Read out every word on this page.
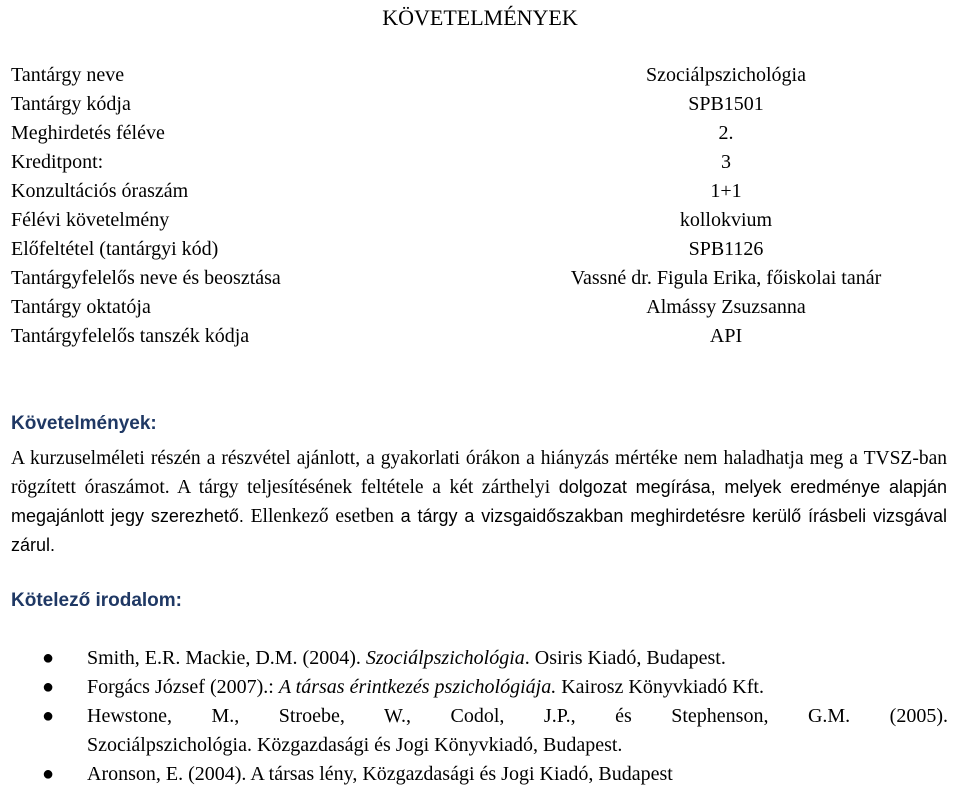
KÖVETELMÉNYEK
Tantárgy neve	Szociálpszichológia
Tantárgy kódja	SPB1501
Meghirdetés féléve	2.
Kreditpont:	3
Konzultációs óraszám	1+1
Félévi követelmény	kollokvium
Előfeltétel (tantárgyi kód)	SPB1126
Tantárgyfelelős neve és beosztása	Vassné dr. Figula Erika, főiskolai tanár
Tantárgy oktatója	Almássy Zsuzsanna
Tantárgyfelelős tanszék kódja	API
Követelmények:
A kurzuselméleti részén a részvétel ajánlott, a gyakorlati órákon a hiányzás mértéke nem haladhatja meg a TVSZ-ban rögzített óraszámot. A tárgy teljesítésének feltétele a két zárthelyi dolgozat megírása, melyek eredménye alapján megajánlott jegy szerezhető. Ellenkező esetben a tárgy a vizsgaidőszakban meghirdetésre kerülő írásbeli vizsgával zárul.
Kötelező irodalom:
● Smith, E.R. Mackie, D.M. (2004). Szociálpszichológia. Osiris Kiadó, Budapest.
● Forgács József (2007).: A társas érintkezés pszichológiája. Kairosz Könyvkiadó Kft.
● Hewstone, M., Stroebe, W., Codol, J.P., és Stephenson, G.M. (2005).
Szociálpszichológia. Közgazdasági és Jogi Könyvkiadó, Budapest.
● Aronson, E. (2004). A társas lény, Közgazdasági és Jogi Kiadó, Budapest
